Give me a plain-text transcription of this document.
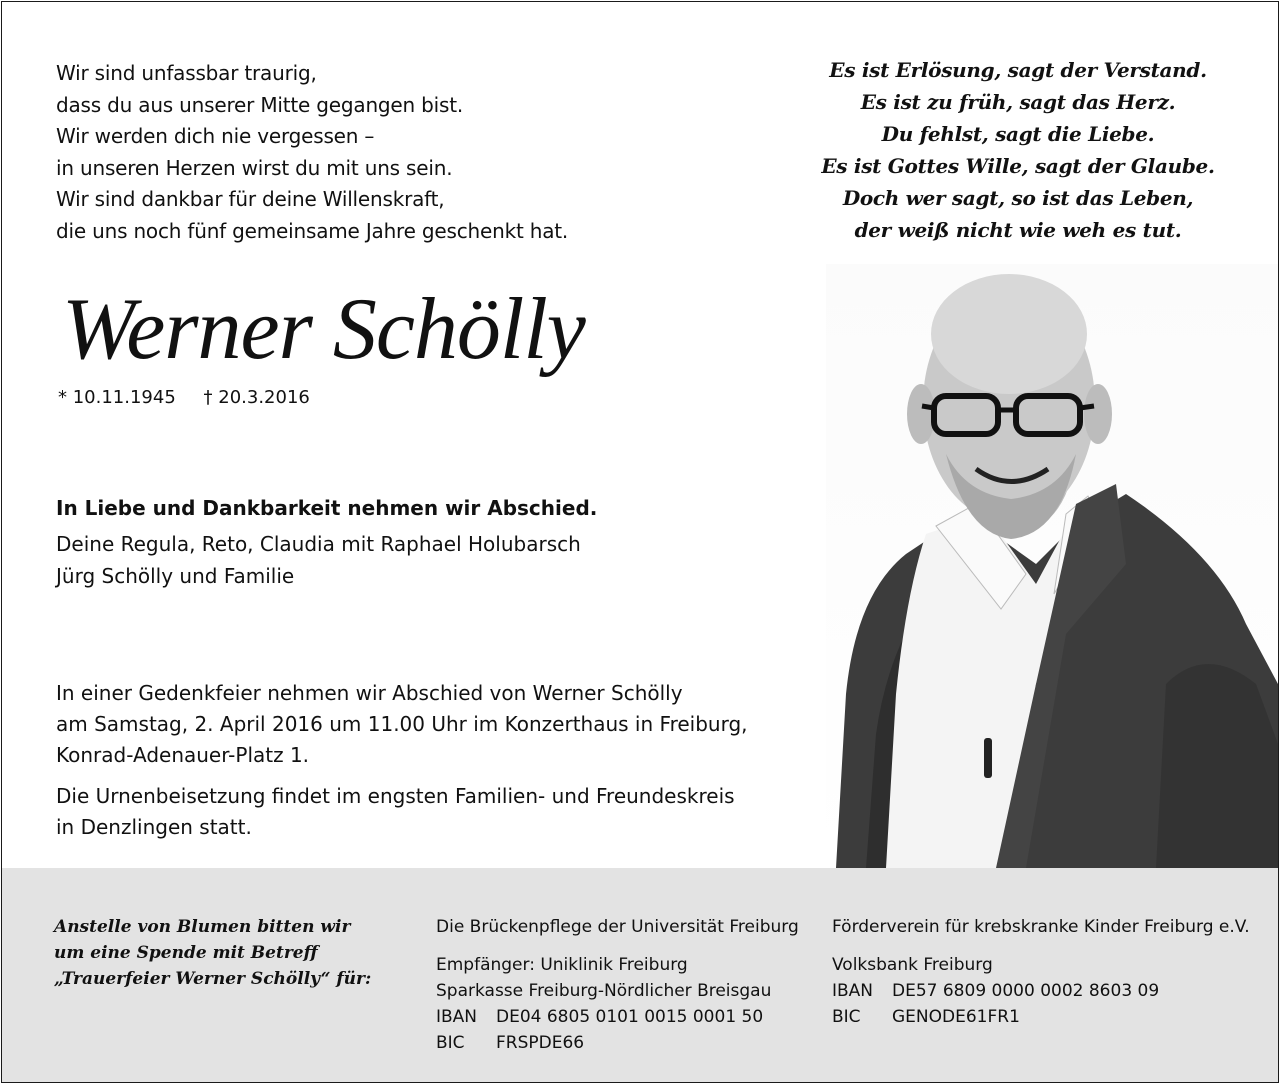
Wir sind unfassbar traurig,
dass du aus unserer Mitte gegangen bist.
Wir werden dich nie vergessen –
in unseren Herzen wirst du mit uns sein.
Wir sind dankbar für deine Willenskraft,
die uns noch fünf gemeinsame Jahre geschenkt hat.
Es ist Erlösung, sagt der Verstand.
Es ist zu früh, sagt das Herz.
Du fehlst, sagt die Liebe.
Es ist Gottes Wille, sagt der Glaube.
Doch wer sagt, so ist das Leben,
der weiß nicht wie weh es tut.
Werner Schölly
* 10.11.1945 † 20.3.2016
In Liebe und Dankbarkeit nehmen wir Abschied.
Deine Regula, Reto, Claudia mit Raphael Holubarsch
Jürg Schölly und Familie
In einer Gedenkfeier nehmen wir Abschied von Werner Schölly
am Samstag, 2. April 2016 um 11.00 Uhr im Konzerthaus in Freiburg,
Konrad-Adenauer-Platz 1.
Die Urnenbeisetzung findet im engsten Familien- und Freundeskreis
in Denzlingen statt.
Anstelle von Blumen bitten wir
um eine Spende mit Betreff
„Trauerfeier Werner Schölly“ für:
Die Brückenpflege der Universität Freiburg
Empfänger: Uniklinik Freiburg
Sparkasse Freiburg-Nördlicher Breisgau
IBAN DE04 6805 0101 0015 0001 50
BIC FRSPDE66
Förderverein für krebskranke Kinder Freiburg e.V.
Volksbank Freiburg
IBAN DE57 6809 0000 0002 8603 09
BIC GENODE61FR1
